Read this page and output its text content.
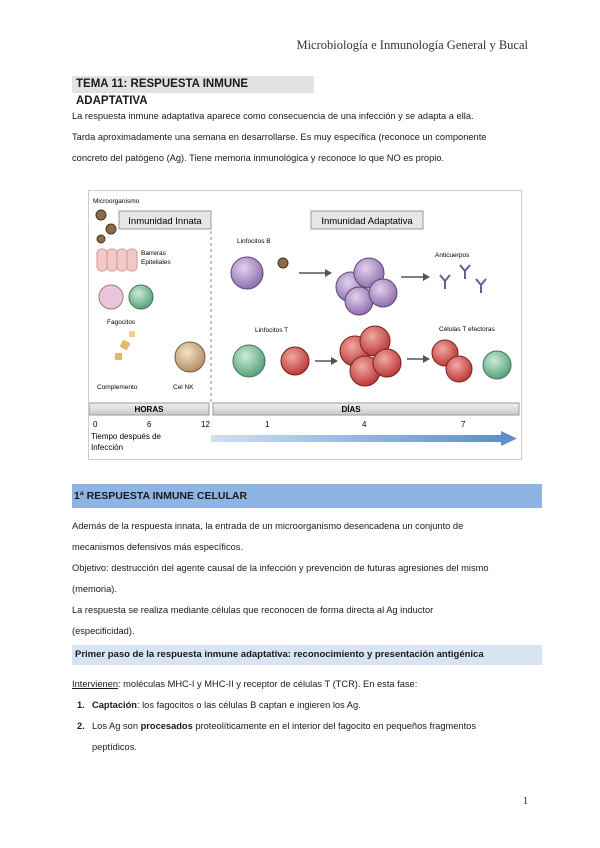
Microbiología e Inmunología General y Bucal
TEMA 11: RESPUESTA INMUNE ADAPTATIVA

La respuesta inmune adaptativa aparece como consecuencia de una infección y se adapta a ella.

Tarda aproximadamente una semana en desarrollarse. Es muy específica (reconoce un componente

concreto del patógeno (Ag). Tiene memoria inmunológica y reconoce lo que NO es propio.

Inmunidad Innata	Inmunidad Adaptativa
Microorganismo
Barreras
Epiteliales
Fagocitos
Complemento	Cel NK
Linfocitos B
Anticuerpos
Linfocitos T	Células T efectoras
HORAS	DÍAS
0	6	12	1	4	7
Tiempo después de
Infección
1ª RESPUESTA INMUNE CELULAR

Además de la respuesta innata, la entrada de un microorganismo desencadena un conjunto de

mecanismos defensivos más específicos.

Objetivo: destrucción del agente causal de la infección y prevención de futuras agresiones del mismo

(memoria).

La respuesta se realiza mediante células que reconocen de forma directa al Ag inductor

(especificidad).

Primer paso de la respuesta inmune adaptativa: reconocimiento y presentación antigénica
Intervienen: moléculas MHC-I y MHC-II y receptor de células T (TCR). En esta fase:
1. Captación: los fagocitos o las células B captan e ingieren los Ag.
2. Los Ag son procesados proteolíticamente en el interior del fagocito en pequeños fragmentos
peptídicos.
1
